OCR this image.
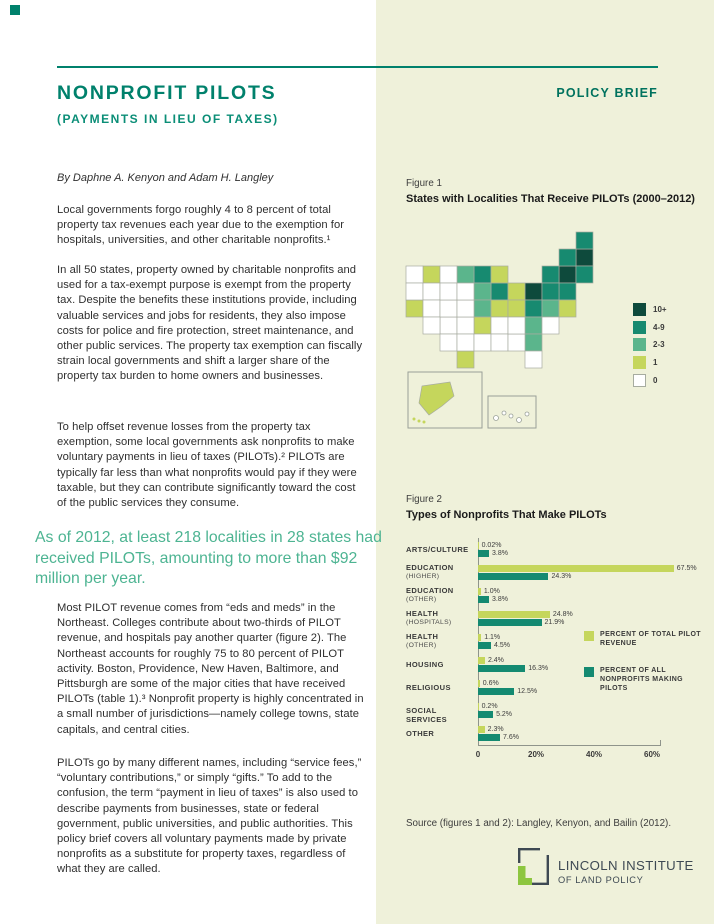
NONPROFIT PILOTS
(PAYMENTS IN LIEU OF TAXES)
POLICY BRIEF
By Daphne A. Kenyon and Adam H. Langley
Local governments forgo roughly 4 to 8 percent of total property tax revenues each year due to the exemption for hospitals, universities, and other charitable nonprofits.¹
In all 50 states, property owned by charitable nonprofits and used for a tax-exempt purpose is exempt from the property tax. Despite the benefits these institutions provide, including valuable services and jobs for residents, they also impose costs for police and fire protection, street maintenance, and other public services. The property tax exemption can fiscally strain local governments and shift a larger share of the property tax burden to home owners and businesses.
To help offset revenue losses from the property tax exemption, some local governments ask nonprofits to make voluntary payments in lieu of taxes (PILOTs).² PILOTs are typically far less than what nonprofits would pay if they were taxable, but they can contribute significantly toward the cost of the public services they consume.
As of 2012, at least 218 localities in 28 states had received PILOTs, amounting to more than $92 million per year.
Most PILOT revenue comes from “eds and meds” in the Northeast. Colleges contribute about two-thirds of PILOT revenue, and hospitals pay another quarter (figure 2). The Northeast accounts for roughly 75 to 80 percent of PILOT activity. Boston, Providence, New Haven, Baltimore, and Pittsburgh are some of the major cities that have received PILOTs (table 1).³ Nonprofit property is highly concentrated in a small number of jurisdictions—namely college towns, state capitals, and central cities.
PILOTs go by many different names, including “service fees,” “voluntary contributions,” or simply “gifts.” To add to the confusion, the term “payment in lieu of taxes” is also used to describe payments from businesses, state or federal government, public universities, and public authorities. This policy brief covers all voluntary payments made by private nonprofits as a substitute for property taxes, regardless of what they are called.
Figure 1
States with Localities That Receive PILOTs (2000–2012)
10+
4-9
2-3
1
0
Figure 2
Types of Nonprofits That Make PILOTs
ARTS/CULTURE	0.02%
3.8%
EDUCATION
(HIGHER)
67.5%
24.3%
EDUCATION
(OTHER)
1.0%
3.8%
HEALTH
(HOSPITALS)
24.8%
21.9%
HEALTH
(OTHER)
1.1%
4.5%
HOUSING	2.4%
16.3%
RELIGIOUS	0.6%
12.5%
SOCIAL SERVICES
0.2%
5.2%
OTHER	2.3%
7.6%
0	20%	40%	60%
PERCENT OF TOTAL PILOT REVENUE
PERCENT OF ALL NONPROFITS MAKING PILOTS
Source (figures 1 and 2): Langley, Kenyon, and Bailin (2012).
LINCOLN INSTITUTE
OF LAND POLICY
